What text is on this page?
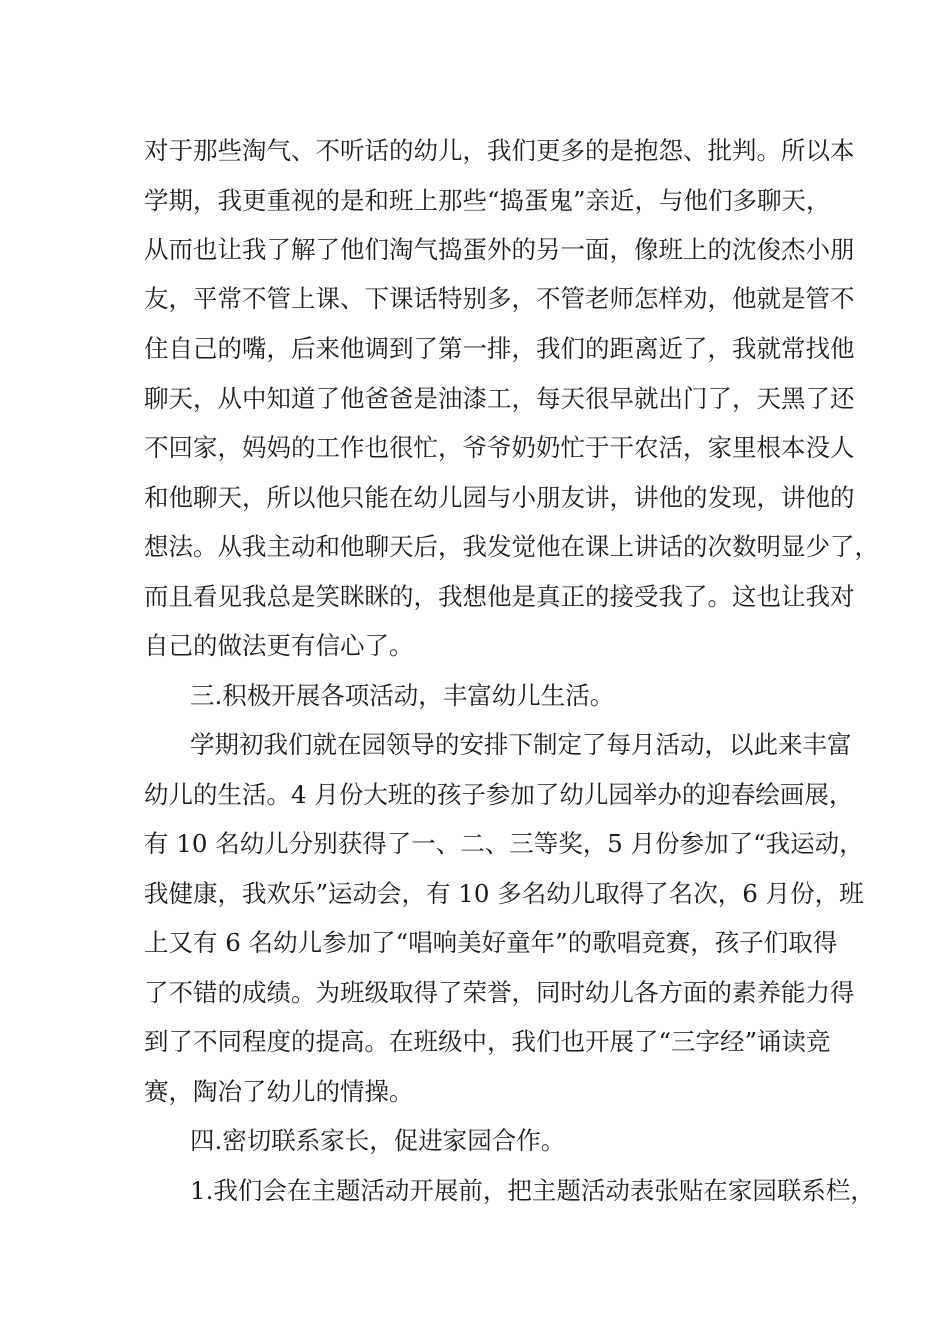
对于那些淘气、不听话的幼儿，我们更多的是抱怨、批判。所以本
学期，我更重视的是和班上那些“捣蛋鬼”亲近，与他们多聊天，
从而也让我了解了他们淘气捣蛋外的另一面，像班上的沈俊杰小朋
友，平常不管上课、下课话特别多，不管老师怎样劝，他就是管不
住自己的嘴，后来他调到了第一排，我们的距离近了，我就常找他
聊天，从中知道了他爸爸是油漆工，每天很早就出门了，天黑了还
不回家，妈妈的工作也很忙，爷爷奶奶忙于干农活，家里根本没人
和他聊天，所以他只能在幼儿园与小朋友讲，讲他的发现，讲他的
想法。从我主动和他聊天后，我发觉他在课上讲话的次数明显少了，
而且看见我总是笑眯眯的，我想他是真正的接受我了。这也让我对
自己的做法更有信心了。
三.积极开展各项活动，丰富幼儿生活。
学期初我们就在园领导的安排下制定了每月活动，以此来丰富
幼儿的生活。4 月份大班的孩子参加了幼儿园举办的迎春绘画展，
有 10 名幼儿分别获得了一、二、三等奖，5 月份参加了“我运动，
我健康，我欢乐”运动会，有 10 多名幼儿取得了名次，6 月份，班
上又有 6 名幼儿参加了“唱响美好童年”的歌唱竞赛，孩子们取得
了不错的成绩。为班级取得了荣誉，同时幼儿各方面的素养能力得
到了不同程度的提高。在班级中，我们也开展了“三字经”诵读竞
赛，陶冶了幼儿的情操。
四.密切联系家长，促进家园合作。
1.我们会在主题活动开展前，把主题活动表张贴在家园联系栏，
